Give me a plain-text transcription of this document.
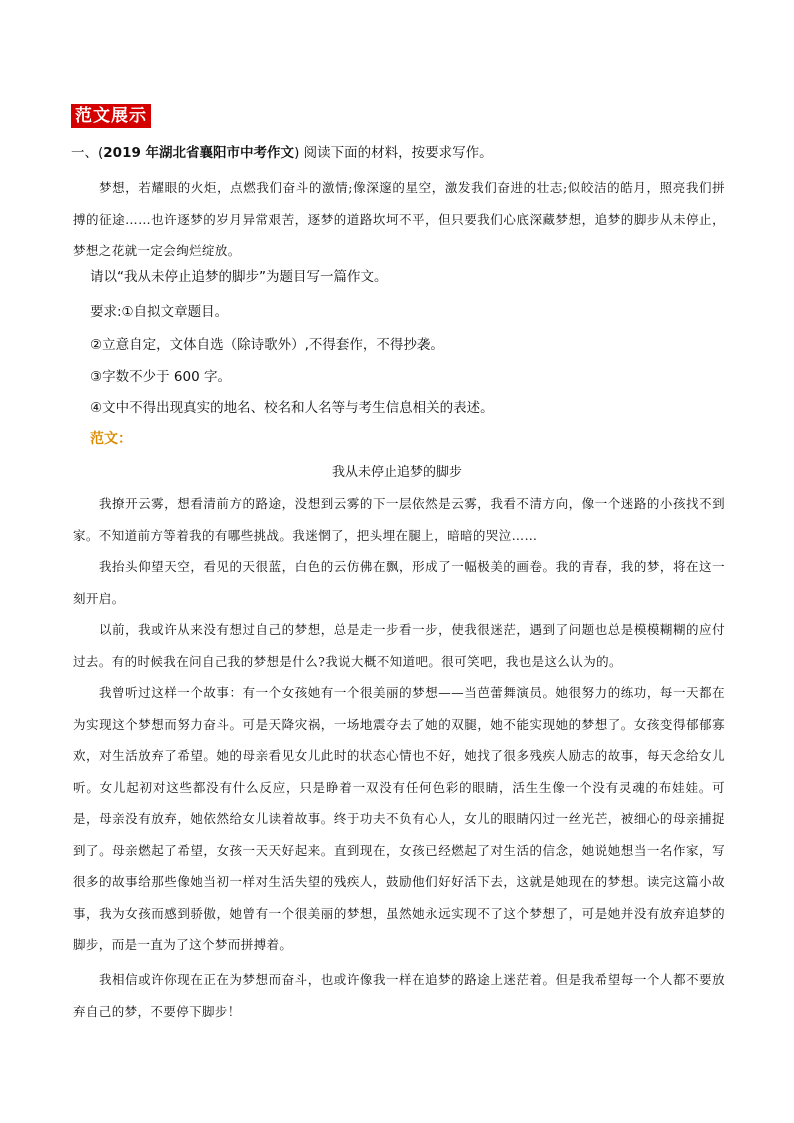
范文展示
一、(2019 年湖北省襄阳市中考作文) 阅读下面的材料，按要求写作。
梦想，若耀眼的火炬，点燃我们奋斗的激情;像深邃的星空，激发我们奋进的壮志;似皎洁的皓月，照亮我们拼搏的征途……也许逐梦的岁月异常艰苦，逐梦的道路坎坷不平，但只要我们心底深藏梦想，追梦的脚步从未停止，梦想之花就一定会绚烂绽放。
请以“我从未停止追梦的脚步”为题目写一篇作文。
要求:①自拟文章题目。
②立意自定，文体自选（除诗歌外）,不得套作，不得抄袭。
③字数不少于 600 字。
④文中不得出现真实的地名、校名和人名等与考生信息相关的表述。
范文：
我从未停止追梦的脚步
我撩开云雾，想看清前方的路途，没想到云雾的下一层依然是云雾，我看不清方向，像一个迷路的小孩找不到家。不知道前方等着我的有哪些挑战。我迷惘了，把头埋在腿上，暗暗的哭泣……
我抬头仰望天空，看见的天很蓝，白色的云仿佛在飘，形成了一幅极美的画卷。我的青春，我的梦，将在这一刻开启。
以前，我或许从来没有想过自己的梦想，总是走一步看一步，使我很迷茫，遇到了问题也总是模模糊糊的应付过去。有的时候我在问自己我的梦想是什么?我说大概不知道吧。很可笑吧，我也是这么认为的。
我曾听过这样一个故事：有一个女孩她有一个很美丽的梦想——当芭蕾舞演员。她很努力的练功，每一天都在为实现这个梦想而努力奋斗。可是天降灾祸，一场地震夺去了她的双腿，她不能实现她的梦想了。女孩变得郁郁寡欢，对生活放弃了希望。她的母亲看见女儿此时的状态心情也不好，她找了很多残疾人励志的故事，每天念给女儿听。女儿起初对这些都没有什么反应，只是睁着一双没有任何色彩的眼睛，活生生像一个没有灵魂的布娃娃。可是，母亲没有放弃，她依然给女儿读着故事。终于功夫不负有心人，女儿的眼睛闪过一丝光芒，被细心的母亲捕捉到了。母亲燃起了希望，女孩一天天好起来。直到现在，女孩已经燃起了对生活的信念，她说她想当一名作家，写很多的故事给那些像她当初一样对生活失望的残疾人，鼓励他们好好活下去，这就是她现在的梦想。读完这篇小故事，我为女孩而感到骄傲，她曾有一个很美丽的梦想，虽然她永远实现不了这个梦想了，可是她并没有放弃追梦的脚步，而是一直为了这个梦而拼搏着。
我相信或许你现在正在为梦想而奋斗，也或许像我一样在追梦的路途上迷茫着。但是我希望每一个人都不要放弃自己的梦，不要停下脚步！
